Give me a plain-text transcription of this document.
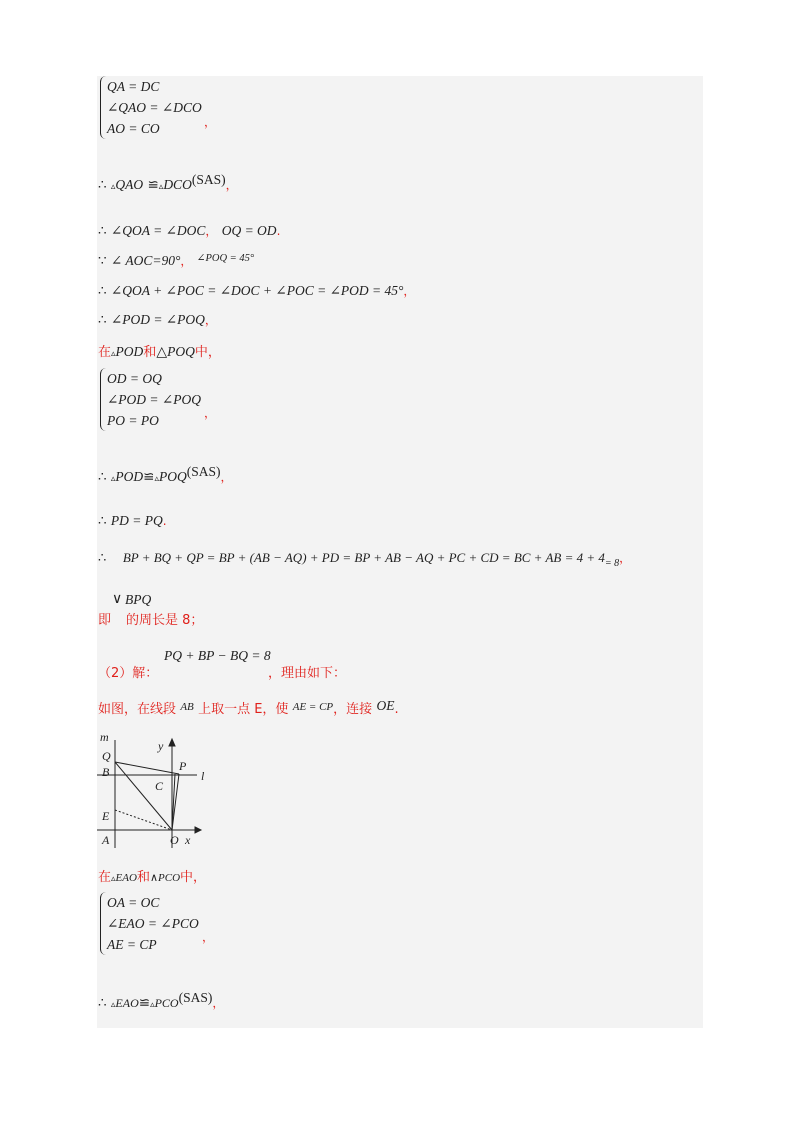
QA = DC
∠QAO = ∠DCO
AO = CO	，
∴ ▵QAO ≌▵DCO(SAS)，
∴ ∠QOA = ∠DOC， OQ = OD.
∵ ∠ AOC=90°， $^{\angle POQ = 45^\circ}$
∴ ∠QOA + ∠POC = ∠DOC + ∠POC = ∠POD = 45°，
∴ ∠POD = ∠POQ，
在▵POD和△POQ中，
OD = OQ
∠POD = ∠POQ
PO = PO	，
∴ ▵POD≌▵POQ(SAS)，
∴ PD = PQ.
∴ BP + BQ + QP = BP + (AB − AQ) + PD = BP + AB − AQ + PC + CD = BC + AB = $4 + 4_{= 8}$，
∨ BPQ
即 的周长是 8；
PQ + BP − BQ = 8
（2）解：	，理由如下：
如图，在线段 $^{AB}$ 上取一点 E，使 $^{AE = CP}$，连接 OE.
m
Q
B
E
A	O x
y
P
l
C
在▵EAO和∧PCO中，
OA = OC
∠EAO = ∠PCO
AE = CP	，
∴ ▵EAO≌▵PCO(SAS)，
